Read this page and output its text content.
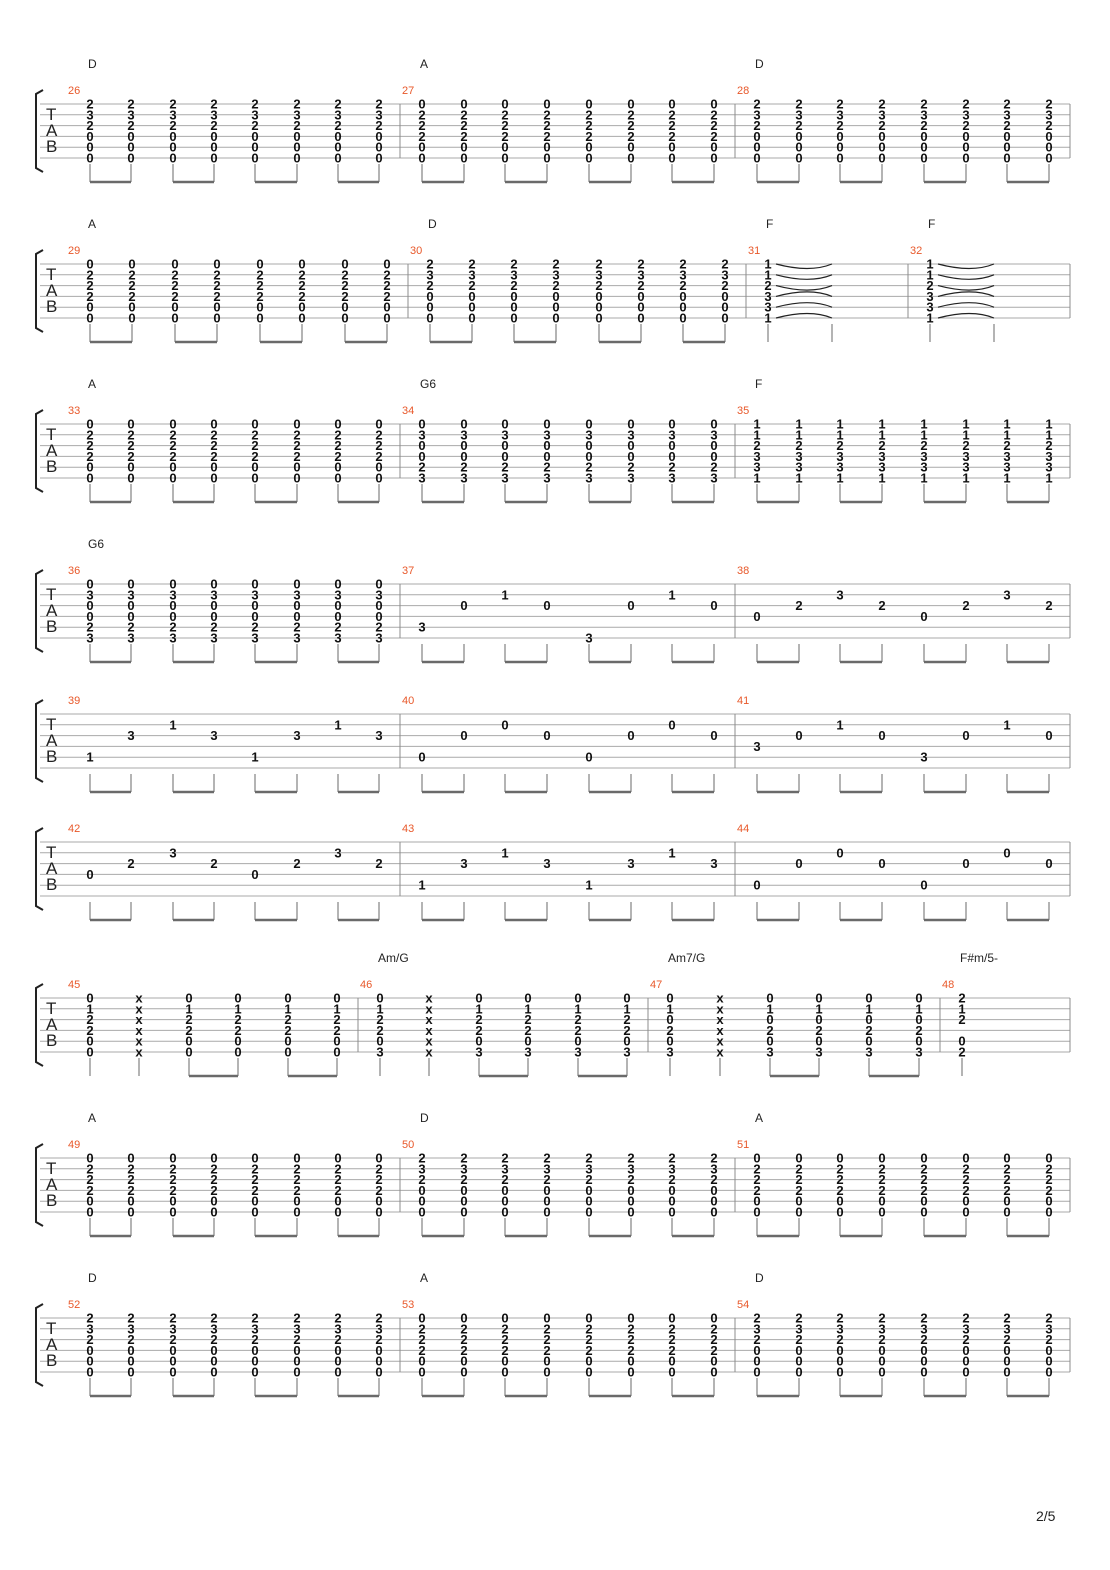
T
A
B
26
D
2
3
2
0
0
0
2
3
2
0
0
0
2
3
2
0
0
0
2
3
2
0
0
0
2
3
2
0
0
0
2
3
2
0
0
0
2
3
2
0
0
0
2
3
2
0
0
0
27
A
0
2
2
2
0
0
0
2
2
2
0
0
0
2
2
2
0
0
0
2
2
2
0
0
0
2
2
2
0
0
0
2
2
2
0
0
0
2
2
2
0
0
0
2
2
2
0
0
28
D
2
3
2
0
0
0
2
3
2
0
0
0
2
3
2
0
0
0
2
3
2
0
0
0
2
3
2
0
0
0
2
3
2
0
0
0
2
3
2
0
0
0
2
3
2
0
0
0
T
A
B
29
A
0
2
2
2
0
0
0
2
2
2
0
0
0
2
2
2
0
0
0
2
2
2
0
0
0
2
2
2
0
0
0
2
2
2
0
0
0
2
2
2
0
0
0
2
2
2
0
0
30
D
2
3
2
0
0
0
2
3
2
0
0
0
2
3
2
0
0
0
2
3
2
0
0
0
2
3
2
0
0
0
2
3
2
0
0
0
2
3
2
0
0
0
2
3
2
0
0
0
31
F
1
1
2
3
3
1
32
F
1
1
2
3
3
1
T
A
B
33
A
0
2
2
2
0
0
0
2
2
2
0
0
0
2
2
2
0
0
0
2
2
2
0
0
0
2
2
2
0
0
0
2
2
2
0
0
0
2
2
2
0
0
0
2
2
2
0
0
34
G6
0
3
0
0
2
3
0
3
0
0
2
3
0
3
0
0
2
3
0
3
0
0
2
3
0
3
0
0
2
3
0
3
0
0
2
3
0
3
0
0
2
3
0
3
0
0
2
3
35
F
1
1
2
3
3
1
1
1
2
3
3
1
1
1
2
3
3
1
1
1
2
3
3
1
1
1
2
3
3
1
1
1
2
3
3
1
1
1
2
3
3
1
1
1
2
3
3
1
T
A
B
36
G6
0
3
0
0
2
3
0
3
0
0
2
3
0
3
0
0
2
3
0
3
0
0
2
3
0
3
0
0
2
3
0
3
0
0
2
3
0
3
0
0
2
3
0
3
0
0
2
3
37
3
0
1
0
3
0
1
0
38
0
2
3
2
0
2
3
2
T
A
B
39
1
3
1
3
1
3
1
3
40
0
0
0
0
0
0
0
0
41
3
0
1
0
3
0
1
0
T
A
B
42
0
2
3
2
0
2
3
2
43
1
3
1
3
1
3
1
3
44
0
0
0
0
0
0
0
0
T
A
B
45
0
1
2
2
0
0
x
x
x
x
x
x
0
1
2
2
0
0
0
1
2
2
0
0
0
1
2
2
0
0
0
1
2
2
0
0
46
Am/G
0
1
2
2
0
3
x
x
x
x
x
x
0
1
2
2
0
3
0
1
2
2
0
3
0
1
2
2
0
3
0
1
2
2
0
3
47
Am7/G
0
1
0
2
0
3
x
x
x
x
x
x
0
1
0
2
0
3
0
1
0
2
0
3
0
1
0
2
0
3
0
1
0
2
0
3
48
F#m/5-
2
1
2
0
2
T
A
B
49
A
0
2
2
2
0
0
0
2
2
2
0
0
0
2
2
2
0
0
0
2
2
2
0
0
0
2
2
2
0
0
0
2
2
2
0
0
0
2
2
2
0
0
0
2
2
2
0
0
50
D
2
3
2
0
0
0
2
3
2
0
0
0
2
3
2
0
0
0
2
3
2
0
0
0
2
3
2
0
0
0
2
3
2
0
0
0
2
3
2
0
0
0
2
3
2
0
0
0
51
A
0
2
2
2
0
0
0
2
2
2
0
0
0
2
2
2
0
0
0
2
2
2
0
0
0
2
2
2
0
0
0
2
2
2
0
0
0
2
2
2
0
0
0
2
2
2
0
0
T
A
B
52
D
2
3
2
0
0
0
2
3
2
0
0
0
2
3
2
0
0
0
2
3
2
0
0
0
2
3
2
0
0
0
2
3
2
0
0
0
2
3
2
0
0
0
2
3
2
0
0
0
53
A
0
2
2
2
0
0
0
2
2
2
0
0
0
2
2
2
0
0
0
2
2
2
0
0
0
2
2
2
0
0
0
2
2
2
0
0
0
2
2
2
0
0
0
2
2
2
0
0
54
D
2
3
2
0
0
0
2
3
2
0
0
0
2
3
2
0
0
0
2
3
2
0
0
0
2
3
2
0
0
0
2
3
2
0
0
0
2
3
2
0
0
0
2
3
2
0
0
0
2/5
